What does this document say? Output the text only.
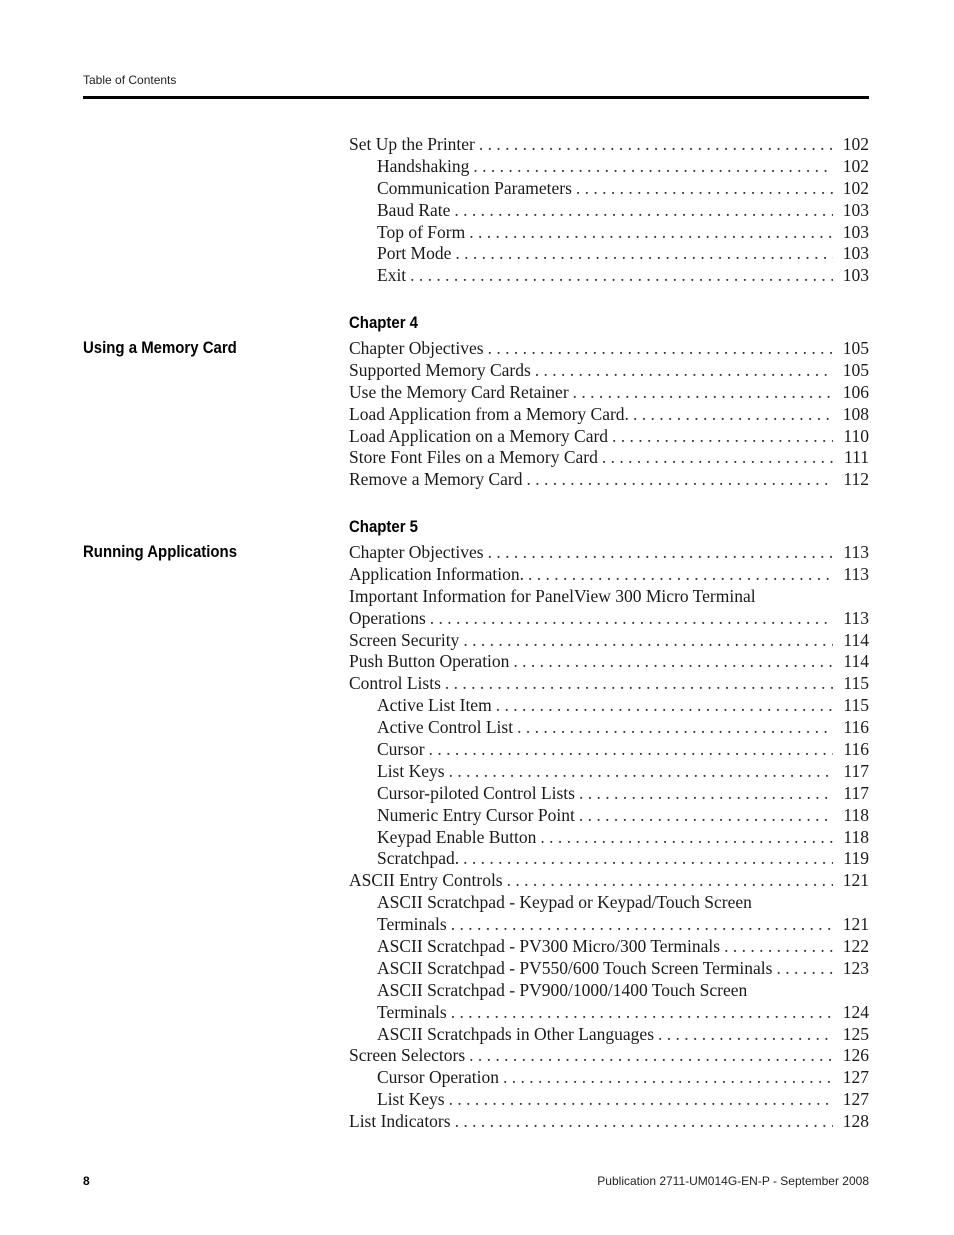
Table of Contents
Set Up the Printer . . .	102
Handshaking . . .	102
Communication Parameters . . .	102
Baud Rate . . .	103
Top of Form . . .	103
Port Mode . . .	103
Exit . . .	103
Chapter 4
Using a Memory Card	Chapter Objectives . . .	105
Supported Memory Cards . . .	105
Use the Memory Card Retainer . . .	106
Load Application from a Memory Card. . . .	108
Load Application on a Memory Card . . .	110
Store Font Files on a Memory Card . . .	111
Remove a Memory Card . . .	112
Chapter 5
Running Applications	Chapter Objectives . . .	113
Application Information. . . .	113
Important Information for PanelView 300 Micro Terminal
Operations . . .	113
Screen Security . . .	114
Push Button Operation . . .	114
Control Lists . . .	115
Active List Item . . .	115
Active Control List . . .	116
Cursor . . .	116
List Keys . . .	117
Cursor-piloted Control Lists . . .	117
Numeric Entry Cursor Point . . .	118
Keypad Enable Button . . .	118
Scratchpad. . . .	119
ASCII Entry Controls . . .	121
ASCII Scratchpad - Keypad or Keypad/Touch Screen
Terminals . . .	121
ASCII Scratchpad - PV300 Micro/300 Terminals . . .	122
ASCII Scratchpad - PV550/600 Touch Screen Terminals . . .	123
ASCII Scratchpad - PV900/1000/1400 Touch Screen
Terminals . . .	124
ASCII Scratchpads in Other Languages . . .	125
Screen Selectors . . .	126
Cursor Operation . . .	127
List Keys . . .	127
List Indicators . . .	128
8	Publication 2711-UM014G-EN-P - September 2008
